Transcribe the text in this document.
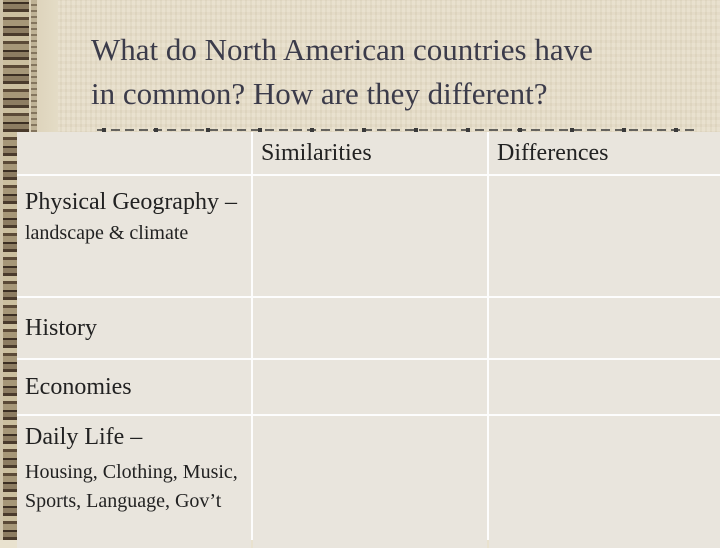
What do North American countries have
in common? How are they different?
Similarities	Differences
Physical Geography –
landscape & climate
History
Economies
Daily Life –
Housing, Clothing, Music, Sports, Language, Gov’t
